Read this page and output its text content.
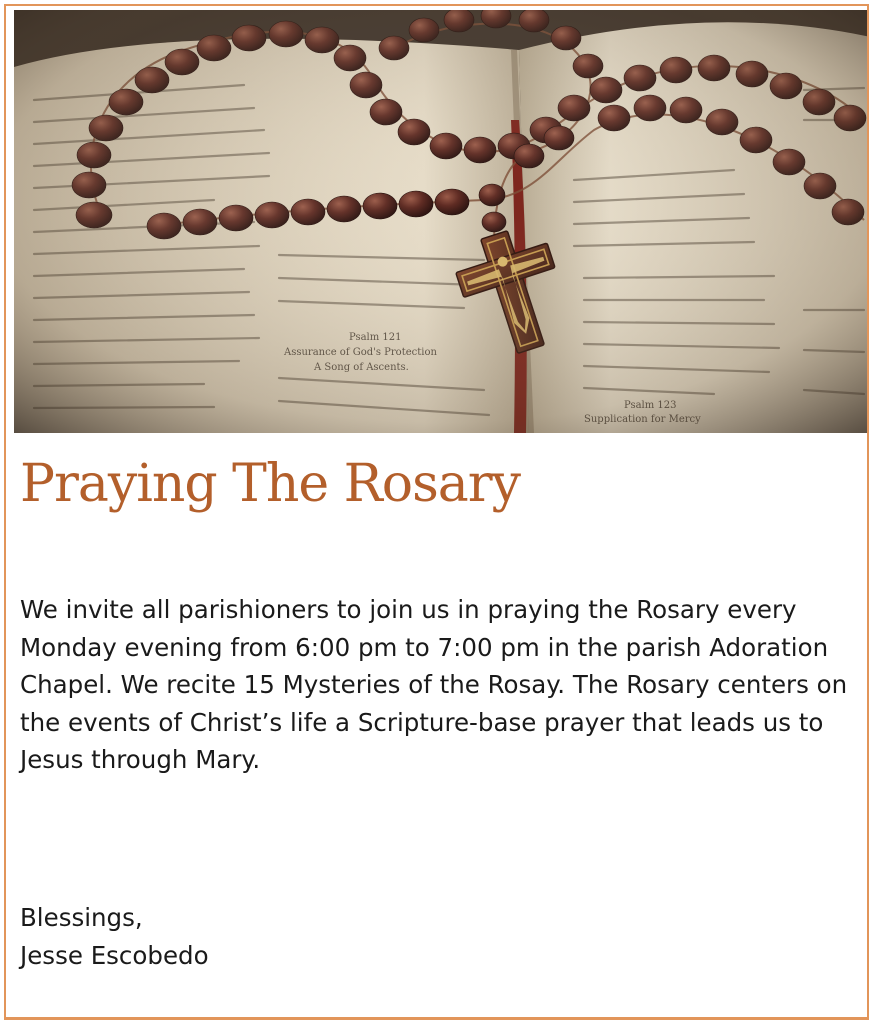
Praying The Rosary

We invite all parishioners to join us in praying the Rosary every Monday evening from 6:00 pm to 7:00 pm in the parish Adoration Chapel. We recite 15 Mysteries of the Rosay. The Rosary centers on the events of Christ’s life a Scripture-base prayer that leads us to Jesus through Mary.

Blessings,
Jesse Escobedo
